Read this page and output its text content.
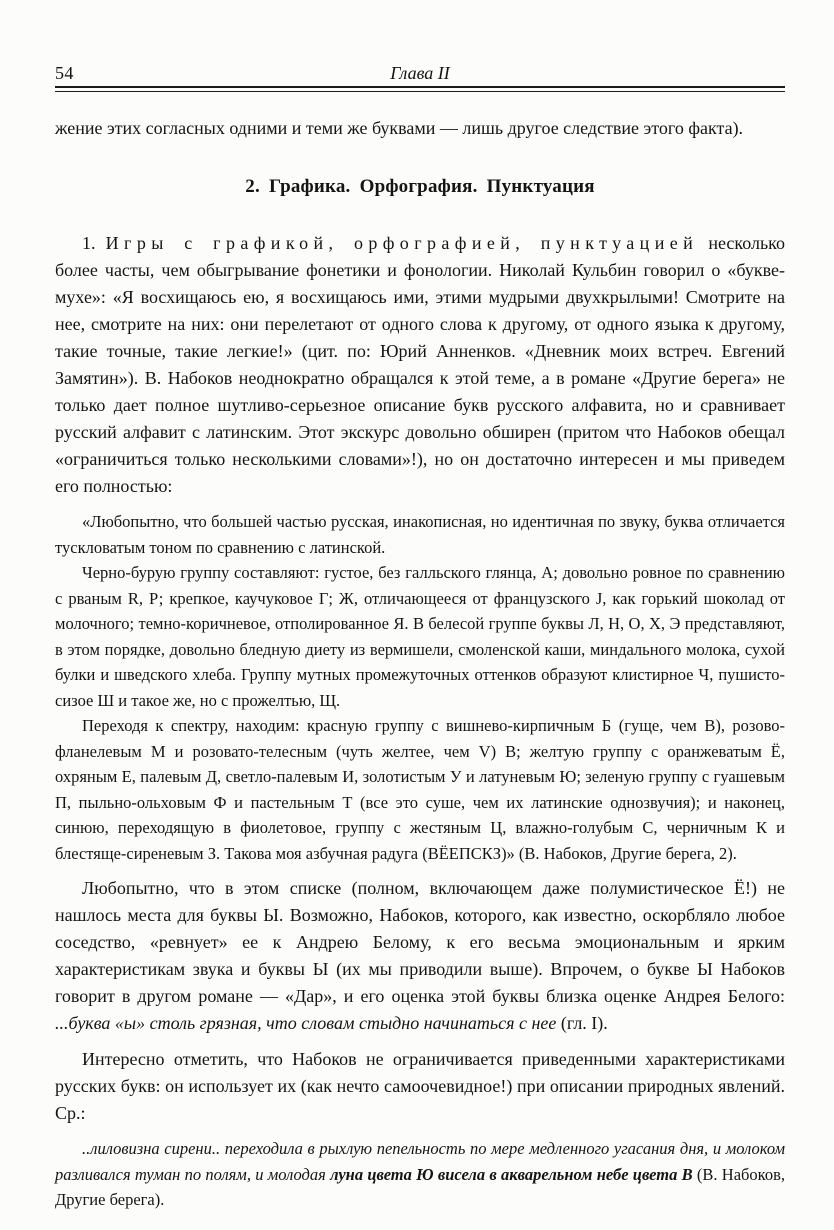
54	Глава II

жение этих согласных одними и теми же буквами — лишь другое следствие этого факта).

2. Графика. Орфография. Пунктуация

1. Игры с графикой, орфографией, пунктуацией несколько более часты, чем обыгрывание фонетики и фонологии. Николай Кульбин говорил о «букве-мухе»: «Я восхищаюсь ею, я восхищаюсь ими, этими мудрыми двухкрылыми! Смотрите на нее, смотрите на них: они перелетают от одного слова к другому, от одного языка к другому, такие точные, такие легкие!» (цит. по: Юрий Анненков. «Дневник моих встреч. Евгений Замятин»). В. Набоков неоднократно обращался к этой теме, а в романе «Другие берега» не только дает полное шутливо-серьезное описание букв русского алфавита, но и сравнивает русский алфавит с латинским. Этот экскурс довольно обширен (притом что Набоков обещал «ограничиться только несколькими словами»!), но он достаточно интересен и мы приведем его полностью:

«Любопытно, что большей частью русская, инакописная, но идентичная по звуку, буква отличается тускловатым тоном по сравнению с латинской.

Черно-бурую группу составляют: густое, без галльского глянца, А; довольно ровное по сравнению с рваным R, Р; крепкое, каучуковое Г; Ж, отличающееся от французского J, как горький шоколад от молочного; темно-коричневое, отполированное Я. В белесой группе буквы Л, Н, О, Х, Э представляют, в этом порядке, довольно бледную диету из вермишели, смоленской каши, миндального молока, сухой булки и шведского хлеба. Группу мутных промежуточных оттенков образуют клистирное Ч, пушисто-сизое Ш и такое же, но с прожелтью, Щ.

Переходя к спектру, находим: красную группу с вишнево-кирпичным Б (гуще, чем В), розово-фланелевым М и розовато-телесным (чуть желтее, чем V) В; желтую группу с оранжеватым Ё, охряным Е, палевым Д, светло-палевым И, золотистым У и латуневым Ю; зеленую группу с гуашевым П, пыльно-ольховым Ф и пастельным Т (все это суше, чем их латинские однозвучия); и наконец, синюю, переходящую в фиолетовое, группу с жестяным Ц, влажно-голубым С, черничным К и блестяще-сиреневым З. Такова моя азбучная радуга (ВЁЕПСКЗ)» (В. Набоков, Другие берега, 2).

Любопытно, что в этом списке (полном, включающем даже полумистическое Ё!) не нашлось места для буквы Ы. Возможно, Набоков, которого, как известно, оскорбляло любое соседство, «ревнует» ее к Андрею Белому, к его весьма эмоциональным и ярким характеристикам звука и буквы Ы (их мы приводили выше). Впрочем, о букве Ы Набоков говорит в другом романе — «Дар», и его оценка этой буквы близка оценке Андрея Белого: ...буква «ы» столь грязная, что словам стыдно начинаться с нее (гл. I).

Интересно отметить, что Набоков не ограничивается приведенными характеристиками русских букв: он использует их (как нечто самоочевидное!) при описании природных явлений. Ср.:

..лиловизна сирени.. переходила в рыхлую пепельность по мере медленного угасания дня, и молоком разливался туман по полям, и молодая луна цвета Ю висела в акварельном небе цвета В (В. Набоков, Другие берега).
